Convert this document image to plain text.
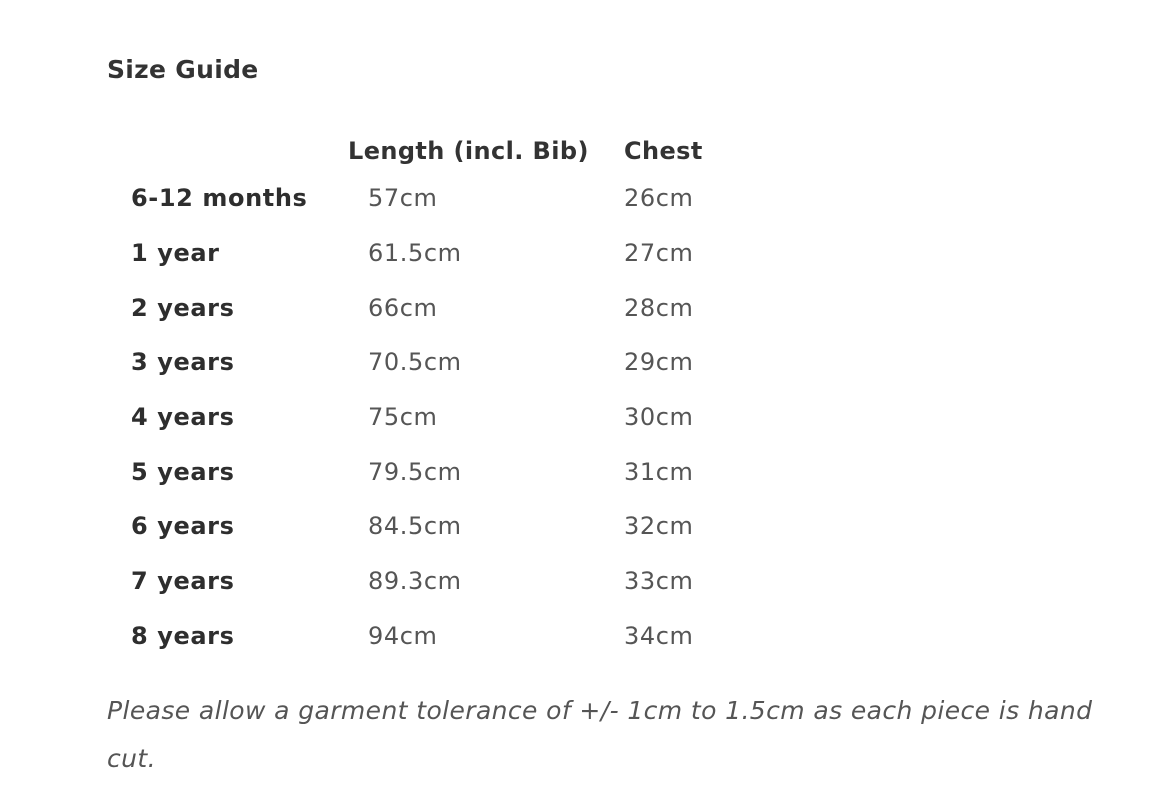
Size Guide
	Length (incl. Bib)	Chest
6-12 months	57cm	26cm
1 year	61.5cm	27cm
2 years	66cm	28cm
3 years	70.5cm	29cm
4 years	75cm	30cm
5 years	79.5cm	31cm
6 years	84.5cm	32cm
7 years	89.3cm	33cm
8 years	94cm	34cm

Please allow a garment tolerance of +/- 1cm to 1.5cm as each piece is hand cut.
